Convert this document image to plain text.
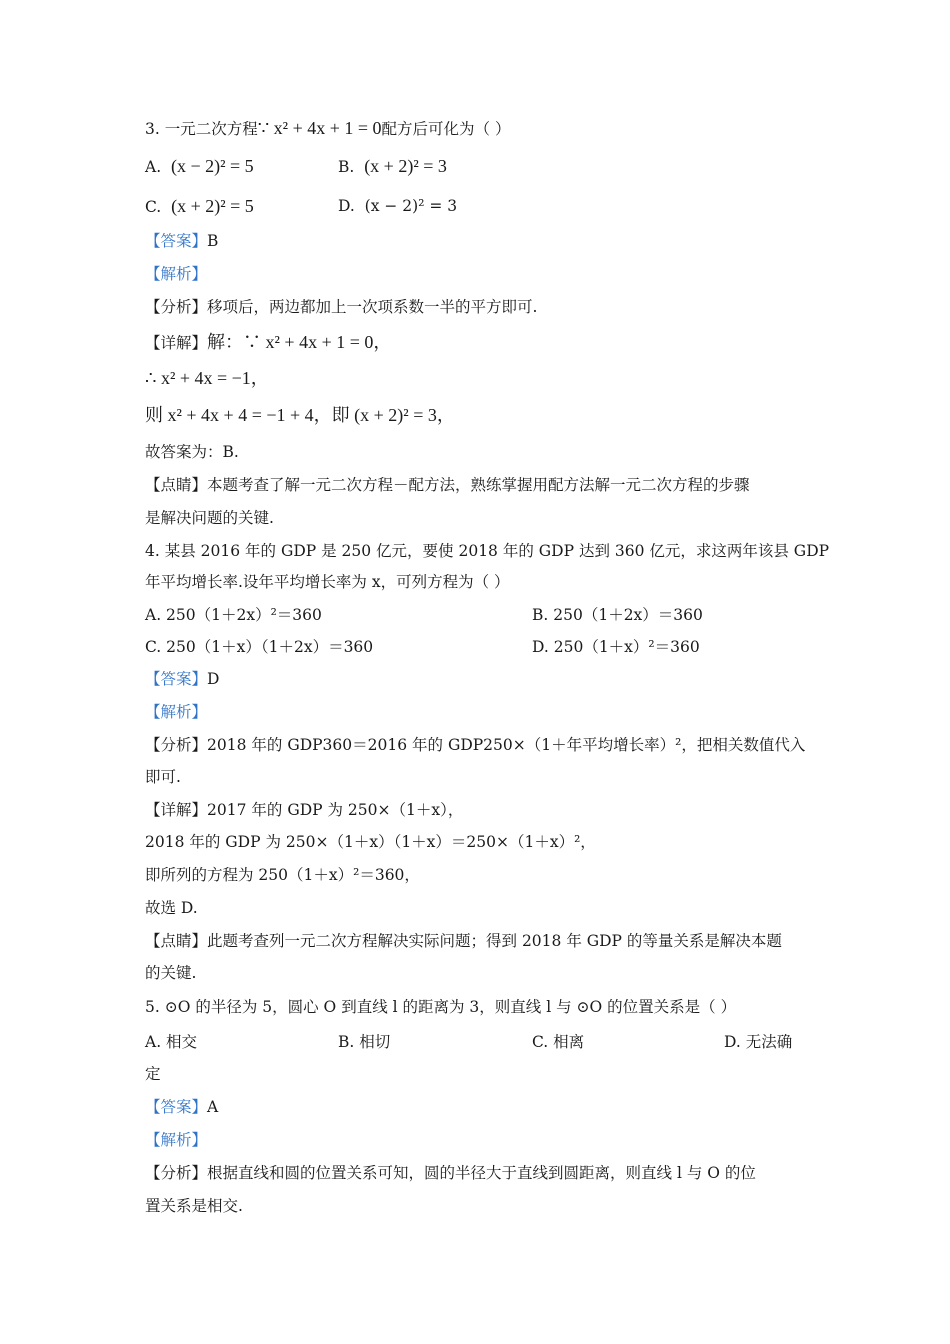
3. 一元二次方程∵ x² + 4x + 1 = 0配方后可化为（ ）
A. (x − 2)² = 5	B. (x + 2)² = 3
C. (x + 2)² = 5	D. (x − 2)² = 3
【答案】B
【解析】
【分析】移项后，两边都加上一次项系数一半的平方即可.
【详解】解：∵ x² + 4x + 1 = 0，
∴ x² + 4x = −1，
则 x² + 4x + 4 = −1 + 4，即 (x + 2)² = 3，
故答案为：B.
【点睛】本题考查了解一元二次方程－配方法，熟练掌握用配方法解一元二次方程的步骤
是解决问题的关键.
4. 某县 2016 年的 GDP 是 250 亿元，要使 2018 年的 GDP 达到 360 亿元，求这两年该县 GDP
年平均增长率.设年平均增长率为 x，可列方程为（ ）
A. 250（1＋2x）²＝360	B. 250（1＋2x）＝360
C. 250（1＋x）（1＋2x）＝360	D. 250（1＋x）²＝360
【答案】D
【解析】
【分析】2018 年的 GDP360＝2016 年的 GDP250×（1＋年平均增长率）²，把相关数值代入
即可.
【详解】2017 年的 GDP 为 250×（1＋x），
2018 年的 GDP 为 250×（1＋x）（1＋x）＝250×（1＋x）²，
即所列的方程为 250（1＋x）²＝360，
故选 D.
【点睛】此题考查列一元二次方程解决实际问题；得到 2018 年 GDP 的等量关系是解决本题
的关键.
5. ⊙O 的半径为 5，圆心 O 到直线 l 的距离为 3，则直线 l 与 ⊙O 的位置关系是（ ）
A. 相交	B. 相切	C. 相离	D. 无法确
定
【答案】A
【解析】
【分析】根据直线和圆的位置关系可知，圆的半径大于直线到圆距离，则直线 l 与 O 的位
置关系是相交.
